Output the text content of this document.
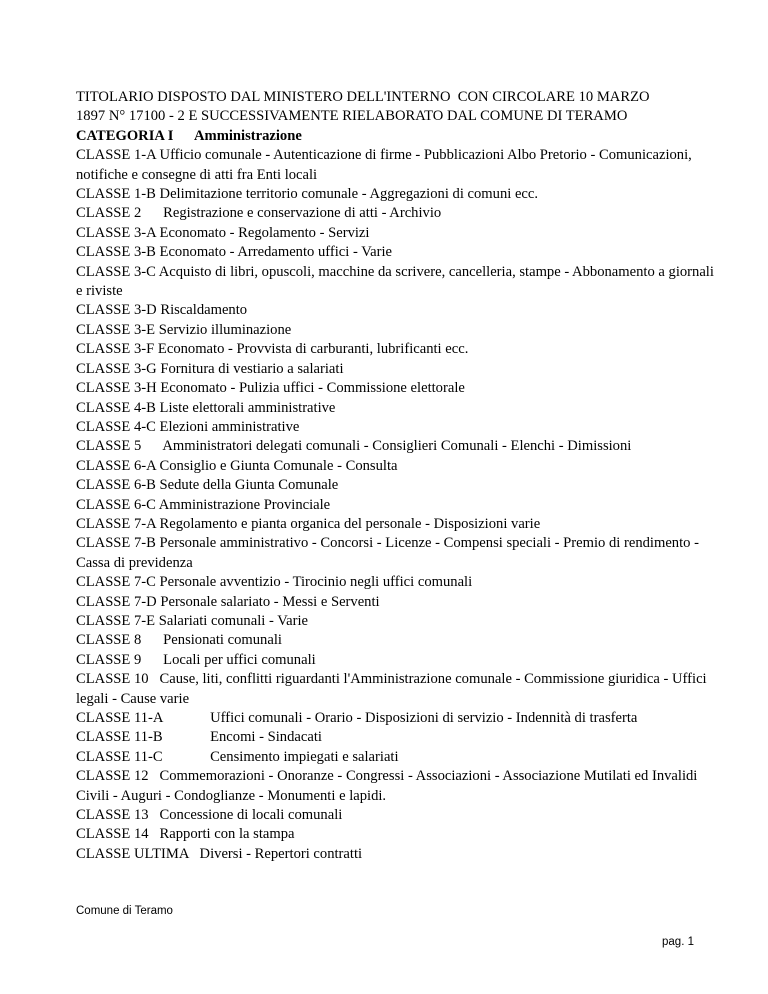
TITOLARIO DISPOSTO DAL MINISTERO DELL'INTERNO  CON CIRCOLARE 10 MARZO

1897 N° 17100 - 2 E SUCCESSIVAMENTE RIELABORATO DAL COMUNE DI TERAMO

CATEGORIA I Amministrazione

CLASSE 1-A Ufficio comunale - Autenticazione di firme - Pubblicazioni Albo Pretorio - Comunicazioni, notifiche e consegne di atti fra Enti locali

CLASSE 1-B Delimitazione territorio comunale - Aggregazioni di comuni ecc.

CLASSE 2 Registrazione e conservazione di atti - Archivio

CLASSE 3-A Economato - Regolamento - Servizi

CLASSE 3-B Economato - Arredamento uffici - Varie

CLASSE 3-C Acquisto di libri, opuscoli, macchine da scrivere, cancelleria, stampe - Abbonamento a giornali e riviste

CLASSE 3-D Riscaldamento

CLASSE 3-E Servizio illuminazione

CLASSE 3-F Economato - Provvista di carburanti, lubrificanti ecc.

CLASSE 3-G Fornitura di vestiario a salariati

CLASSE 3-H Economato - Pulizia uffici - Commissione elettorale

CLASSE 4-B Liste elettorali amministrative

CLASSE 4-C Elezioni amministrative

CLASSE 5 Amministratori delegati comunali - Consiglieri Comunali - Elenchi - Dimissioni

CLASSE 6-A Consiglio e Giunta Comunale - Consulta

CLASSE 6-B Sedute della Giunta Comunale

CLASSE 6-C Amministrazione Provinciale

CLASSE 7-A Regolamento e pianta organica del personale - Disposizioni varie

CLASSE 7-B Personale amministrativo - Concorsi - Licenze - Compensi speciali - Premio di rendimento - Cassa di previdenza

CLASSE 7-C Personale avventizio - Tirocinio negli uffici comunali

CLASSE 7-D Personale salariato - Messi e Serventi

CLASSE 7-E Salariati comunali - Varie

CLASSE 8 Pensionati comunali

CLASSE 9 Locali per uffici comunali

CLASSE 10 Cause, liti, conflitti riguardanti l'Amministrazione comunale - Commissione giuridica - Uffici legali - Cause varie

CLASSE 11-A	Uffici comunali - Orario - Disposizioni di servizio - Indennità di trasferta

CLASSE 11-B	Encomi - Sindacati

CLASSE 11-C	Censimento impiegati e salariati

CLASSE 12 Commemorazioni - Onoranze - Congressi - Associazioni - Associazione Mutilati ed Invalidi Civili - Auguri - Condoglianze - Monumenti e lapidi.

CLASSE 13 Concessione di locali comunali

CLASSE 14 Rapporti con la stampa

CLASSE ULTIMA Diversi - Repertori contratti

Comune di Teramo
pag. 1
